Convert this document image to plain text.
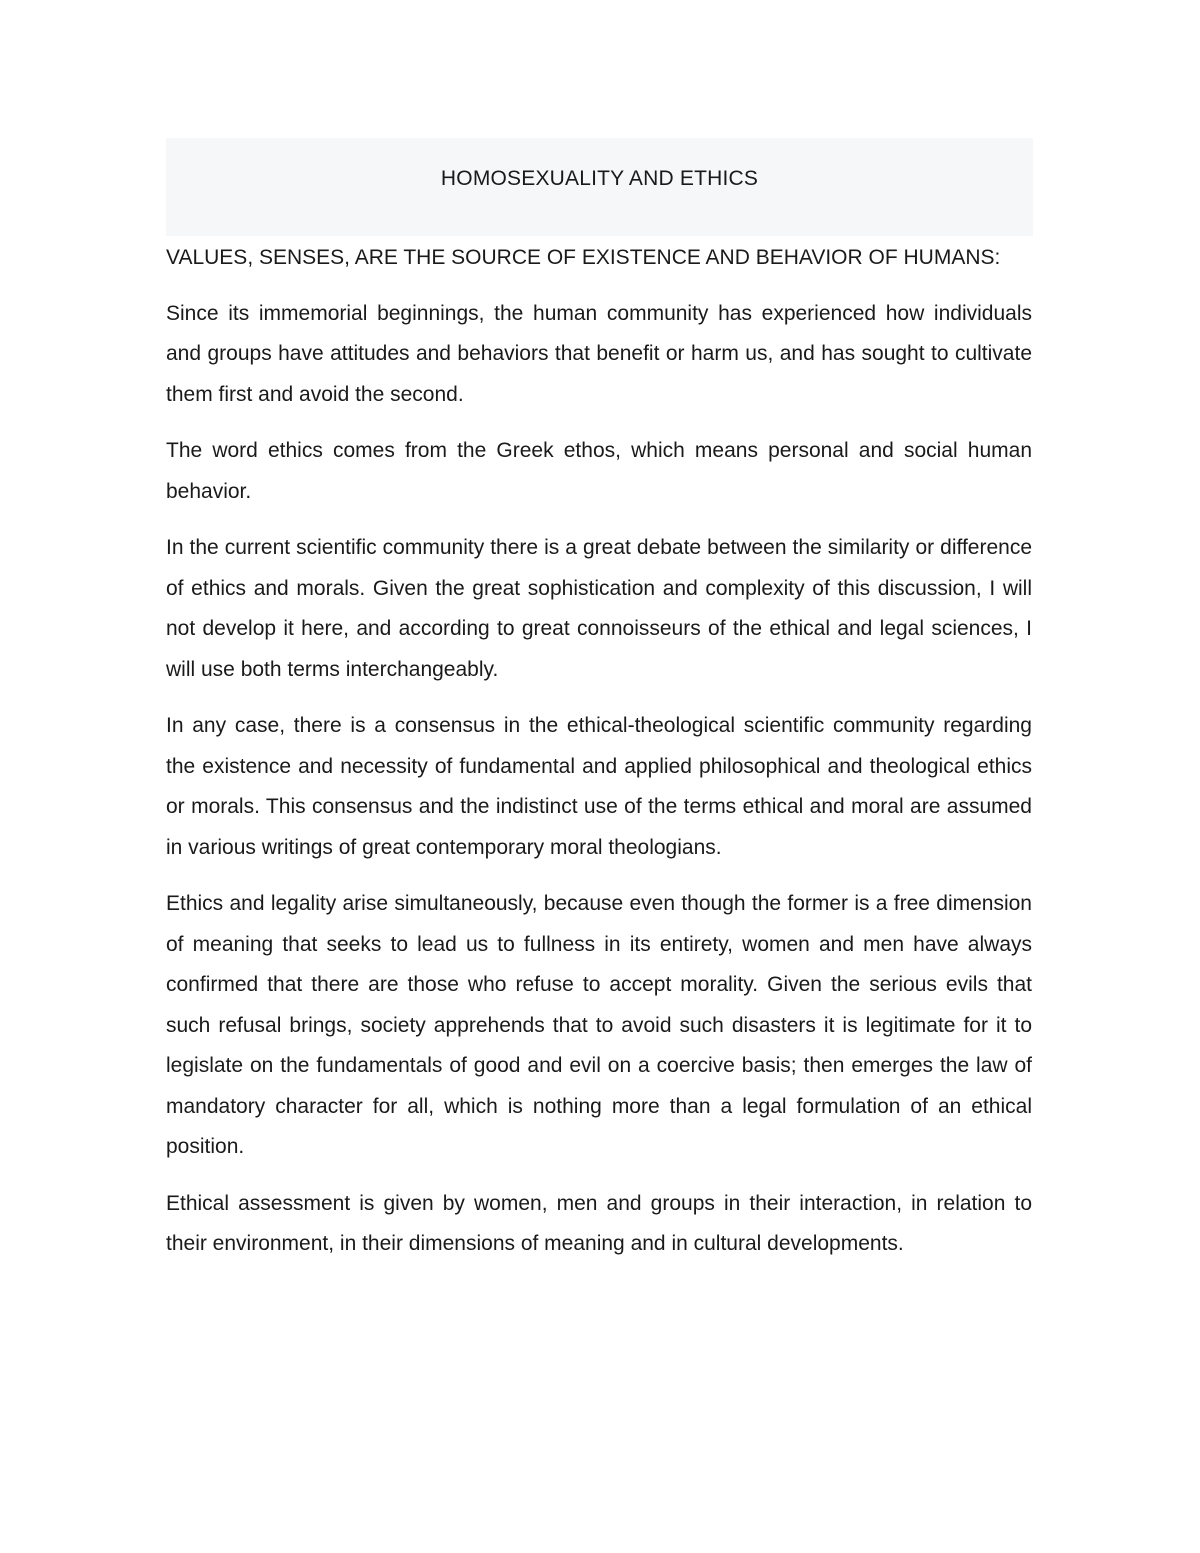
HOMOSEXUALITY AND ETHICS

VALUES, SENSES, ARE THE SOURCE OF EXISTENCE AND BEHAVIOR OF HUMANS:

Since its immemorial beginnings, the human community has experienced how individuals and groups have attitudes and behaviors that benefit or harm us, and has sought to cultivate them first and avoid the second.

The word ethics comes from the Greek ethos, which means personal and social human behavior.

In the current scientific community there is a great debate between the similarity or difference of ethics and morals. Given the great sophistication and complexity of this discussion, I will not develop it here, and according to great connoisseurs of the ethical and legal sciences, I will use both terms interchangeably.

In any case, there is a consensus in the ethical-theological scientific community regarding the existence and necessity of fundamental and applied philosophical and theological ethics or morals. This consensus and the indistinct use of the terms ethical and moral are assumed in various writings of great contemporary moral theologians.

Ethics and legality arise simultaneously, because even though the former is a free dimension of meaning that seeks to lead us to fullness in its entirety, women and men have always confirmed that there are those who refuse to accept morality. Given the serious evils that such refusal brings, society apprehends that to avoid such disasters it is legitimate for it to legislate on the fundamentals of good and evil on a coercive basis; then emerges the law of mandatory character for all, which is nothing more than a legal formulation of an ethical position.

Ethical assessment is given by women, men and groups in their interaction, in relation to their environment, in their dimensions of meaning and in cultural developments.
